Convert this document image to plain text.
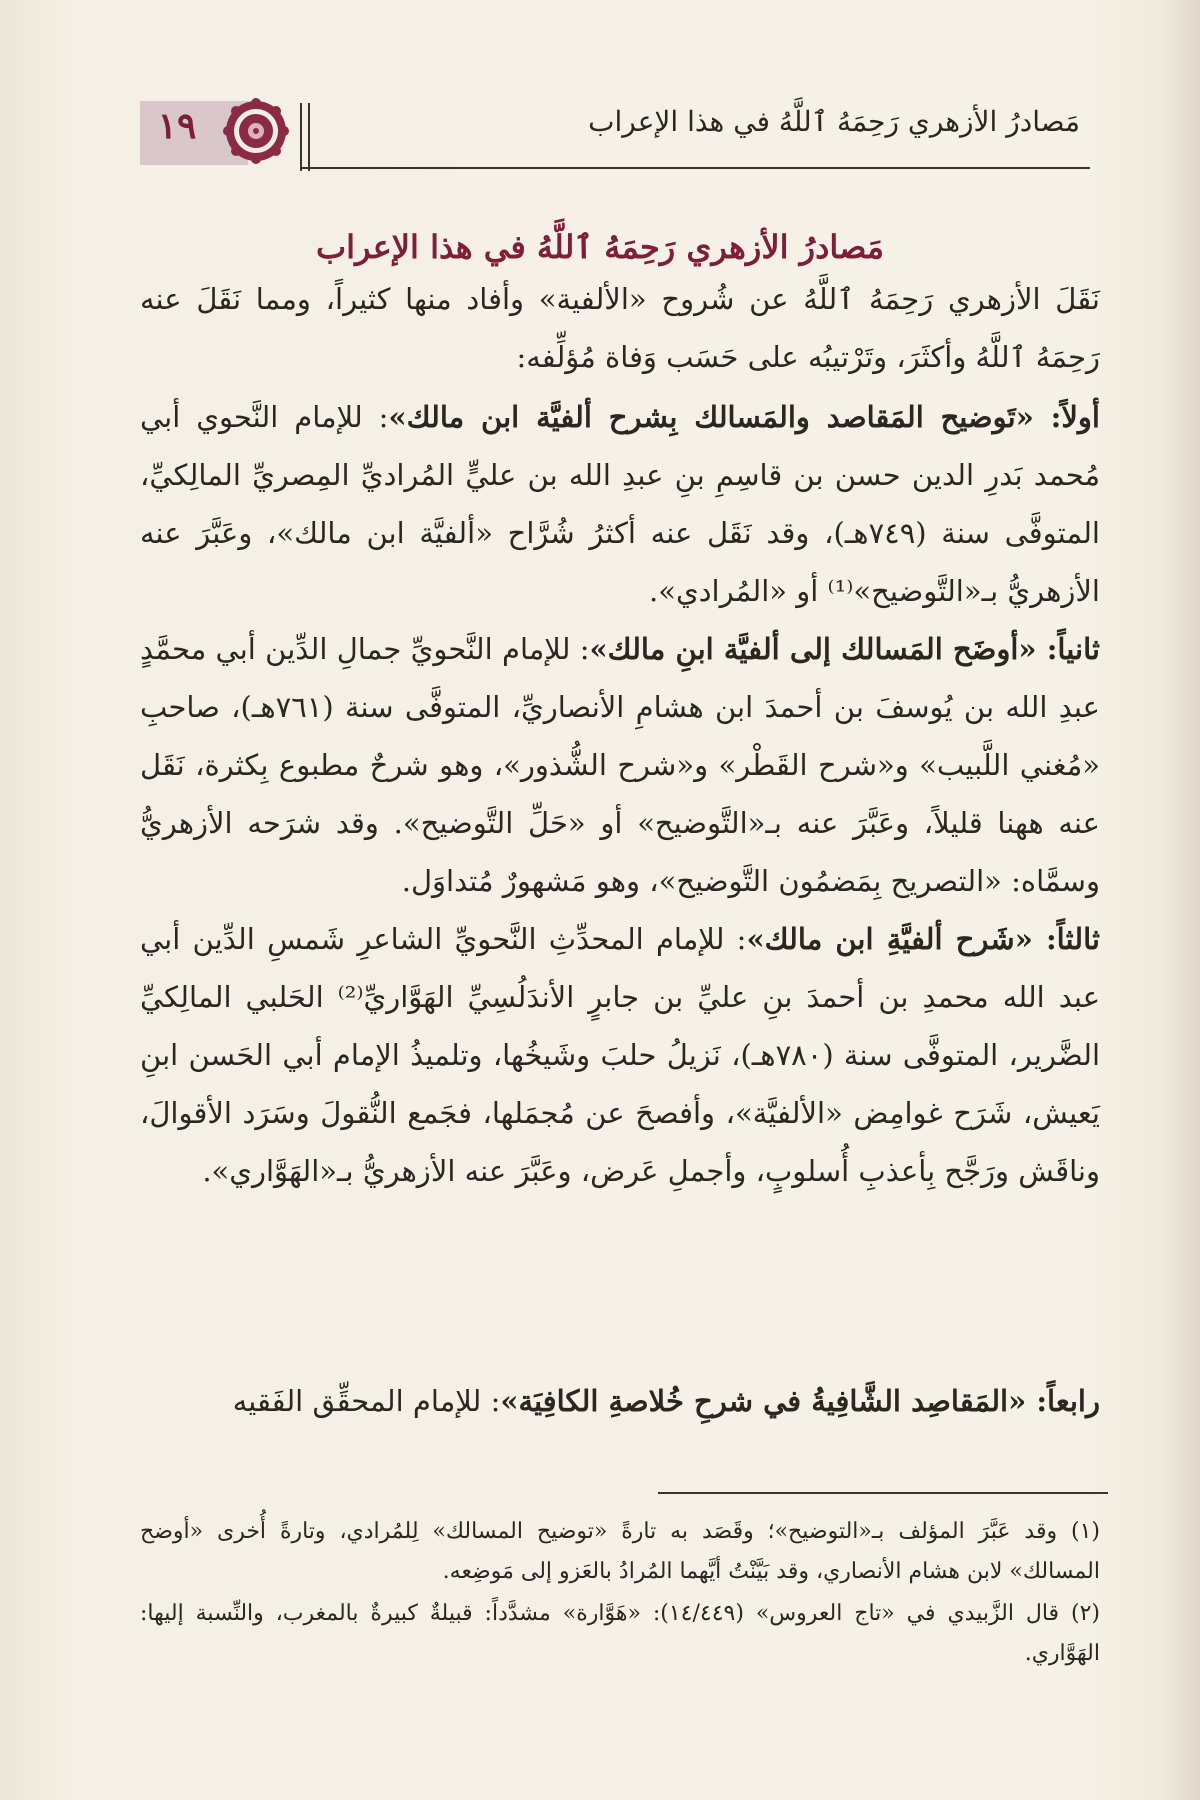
١٩	مَصادرُ الأزهري رَحِمَهُ ٱللَّهُ في هذا الإعراب
مَصادرُ الأزهري رَحِمَهُ ٱللَّهُ في هذا الإعراب

نَقَلَ الأزهري رَحِمَهُ ٱللَّهُ عن شُروح «الألفية» وأفاد منها كثيراً، ومما نَقَلَ عنه رَحِمَهُ ٱللَّهُ وأكثَرَ، وتَرْتيبُه على حَسَب وَفاة مُؤلِّفه:

أولاً: «تَوضيح المَقاصد والمَسالك بِشرح ألفيَّة ابن مالك»: للإمام النَّحوي أبي مُحمد بَدرِ الدين حسن بن قاسِمِ بنِ عبدِ الله بن عليٍّ المُراديِّ المِصريِّ المالِكيِّ، المتوفَّى سنة (٧٤٩هـ)، وقد نَقَل عنه أكثرُ شُرَّاح «ألفيَّة ابن مالك»، وعَبَّرَ عنه الأزهريُّ بـ«التَّوضيح»⁽¹⁾ أو «المُرادي».

ثانياً: «أوضَح المَسالك إلى ألفيَّة ابنِ مالك»: للإمام النَّحويِّ جمالِ الدِّين أبي محمَّدٍ عبدِ الله بن يُوسفَ بن أحمدَ ابن هشامِ الأنصاريِّ، المتوفَّى سنة (٧٦١هـ)، صاحبِ «مُغني اللَّبيب» و«شرح القَطْر» و«شرح الشُّذور»، وهو شرحٌ مطبوع بِكثرة، نَقَل عنه ههنا قليلاً، وعَبَّرَ عنه بـ«التَّوضيح» أو «حَلِّ التَّوضيح». وقد شرَحه الأزهريُّ وسمَّاه: «التصريح بِمَضمُون التَّوضيح»، وهو مَشهورٌ مُتداوَل.

ثالثاً: «شَرح ألفيَّةِ ابن مالك»: للإمام المحدِّثِ النَّحويِّ الشاعرِ شَمسِ الدِّين أبي عبد الله محمدِ بن أحمدَ بنِ عليِّ بن جابرٍ الأندَلُسِيِّ الهَوَّاريِّ⁽²⁾ الحَلبي المالِكيِّ الضَّرير، المتوفَّى سنة (٧٨٠هـ)، نَزيلُ حلبَ وشَيخُها، وتلميذُ الإمام أبي الحَسن ابنِ يَعيش، شَرَح غوامِض «الألفيَّة»، وأفصحَ عن مُجمَلها، فجَمع النُّقولَ وسَرَد الأقوالَ، وناقَش ورَجَّح بِأعذبِ أُسلوبٍ، وأجملِ عَرض، وعَبَّرَ عنه الأزهريُّ بـ«الهَوَّاري».

رابعاً: «المَقاصِد الشَّافِيةُ في شرحِ خُلاصةِ الكافِيَة»: للإمام المحقِّق الفَقيه

(١) وقد عَبَّرَ المؤلف بـ«التوضيح»؛ وقَصَد به تارةً «توضيح المسالك» لِلمُرادي، وتارةً أُخرى «أوضح المسالك» لابن هشام الأنصاري، وقد بَيَّنْتُ أيَّهما المُرادُ بالعَزو إلى مَوضِعه.

(٢) قال الزَّبيدي في «تاج العروس» (١٤/٤٤٩): «هَوَّارة» مشدَّداً: قبيلةٌ كبيرةٌ بالمغرب، والنِّسبة إليها: الهَوَّاري.
